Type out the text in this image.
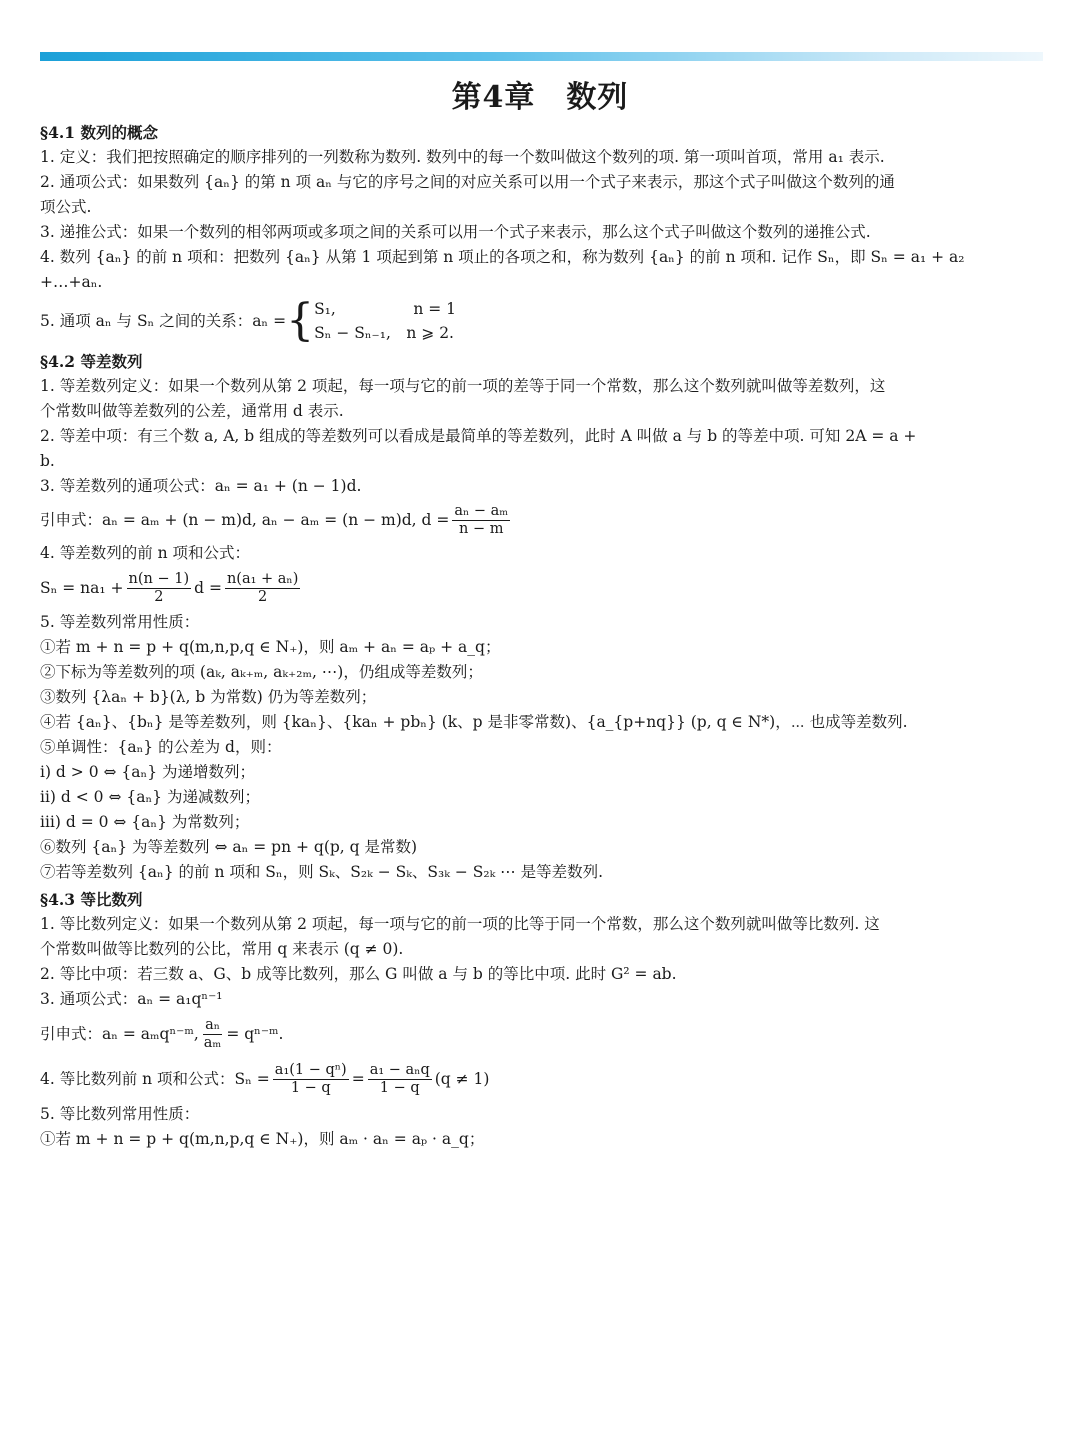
第4章　数列
§4.1 数列的概念
1. 定义：我们把按照确定的顺序排列的一列数称为数列. 数列中的每一个数叫做这个数列的项. 第一项叫首项，常用 a₁ 表示.
2. 通项公式：如果数列 {aₙ} 的第 n 项 aₙ 与它的序号之间的对应关系可以用一个式子来表示，那这个式子叫做这个数列的通
项公式.
3. 递推公式：如果一个数列的相邻两项或多项之间的关系可以用一个式子来表示，那么这个式子叫做这个数列的递推公式.
4. 数列 {aₙ} 的前 n 项和：把数列 {aₙ} 从第 1 项起到第 n 项止的各项之和，称为数列 {aₙ} 的前 n 项和. 记作 Sₙ，即 Sₙ = a₁ + a₂
+…+aₙ.
5. 通项 aₙ 与 Sₙ 之间的关系：aₙ = { S₁,　　　　　n = 1
Sₙ − Sₙ₋₁,　n ⩾ 2.
§4.2 等差数列
1. 等差数列定义：如果一个数列从第 2 项起，每一项与它的前一项的差等于同一个常数，那么这个数列就叫做等差数列，这
个常数叫做等差数列的公差，通常用 d 表示.
2. 等差中项：有三个数 a, A, b 组成的等差数列可以看成是最简单的等差数列，此时 A 叫做 a 与 b 的等差中项. 可知 2A = a +
b.
3. 等差数列的通项公式：aₙ = a₁ + (n − 1)d.
引申式：aₙ = aₘ + (n − m)d, aₙ − aₘ = (n − m)d, $d = \frac{\text{aₙ − aₘ}}{n - m}$
4. 等差数列的前 n 项和公式：
$S_n = na_1 + \frac{n(n - 1)}{2}$ $d = \frac{\text{n(a₁ + aₙ)}}{2}$
5. 等差数列常用性质：
①若 m + n = p + q(m,n,p,q ∈ N₊)，则 aₘ + aₙ = aₚ + a_q；
②下标为等差数列的项 (aₖ, aₖ₊ₘ, aₖ₊₂ₘ, ⋯)，仍组成等差数列；
③数列 {λaₙ + b}(λ, b 为常数) 仍为等差数列；
④若 {aₙ}、{bₙ} 是等差数列，则 {kaₙ}、{kaₙ + pbₙ} (k、p 是非零常数)、{a_{p+nq}} (p, q ∈ N*)，⋯ 也成等差数列.
⑤单调性：{aₙ} 的公差为 d，则：
ⅰ) d > 0 ⇔ {aₙ} 为递增数列；
ⅱ) d < 0 ⇔ {aₙ} 为递减数列；
ⅲ) d = 0 ⇔ {aₙ} 为常数列；
⑥数列 {aₙ} 为等差数列 ⇔ aₙ = pn + q(p, q 是常数)
⑦若等差数列 {aₙ} 的前 n 项和 Sₙ，则 Sₖ、S₂ₖ − Sₖ、S₃ₖ − S₂ₖ ⋯ 是等差数列.
§4.3 等比数列
1. 等比数列定义：如果一个数列从第 2 项起，每一项与它的前一项的比等于同一个常数，那么这个数列就叫做等比数列. 这
个常数叫做等比数列的公比，常用 q 来表示 (q ≠ 0).
2. 等比中项：若三数 a、G、b 成等比数列，那么 G 叫做 a 与 b 的等比中项. 此时 G² = ab.
3. 通项公式：aₙ = a₁qⁿ⁻¹
引申式：aₙ = aₘqⁿ⁻ᵐ, $\frac{\text{aₙ}}{\text{aₘ}}$ = qⁿ⁻ᵐ.
4. 等比数列前 n 项和公式：$S_n = \frac{\text{a₁(1 − qⁿ)}}{1 - q} = \frac{\text{a₁ − aₙq}}{1 - q} (q \ne 1)$
5. 等比数列常用性质：
①若 m + n = p + q(m,n,p,q ∈ N₊)，则 aₘ · aₙ = aₚ · a_q；
